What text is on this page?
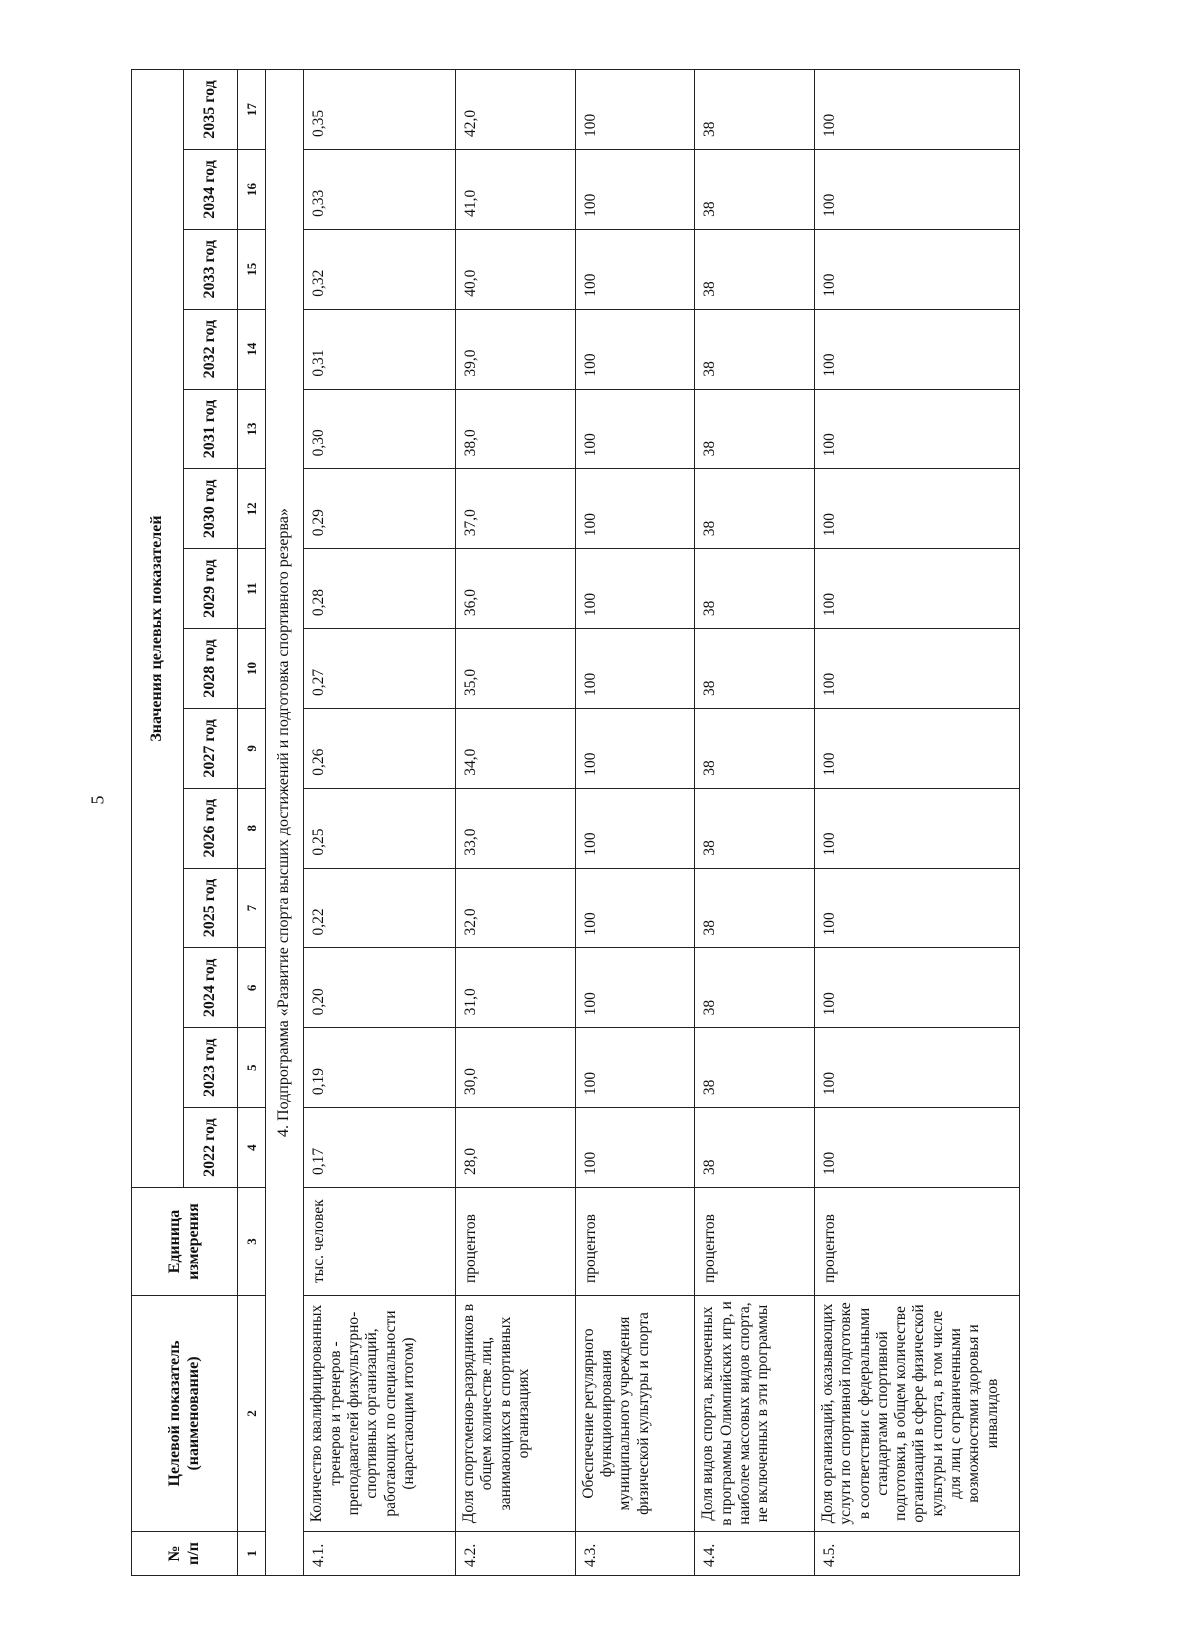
5
№ п/п	Целевой показатель (наименование)	Единица измерения	Значения целевых показателей													
			2022 год	2023 год	2024 год	2025 год	2026 год	2027 год	2028 год	2029 год	2030 год	2031 год	2032 год	2033 год	2034 год	2035 год
1	2	3	4	5	6	7	8	9	10	11	12	13	14	15	16	17
4. Подпрограмма «Развитие спорта высших достижений и подготовка спортивного резерва»																
4.1.	Количество квалифицированных тренеров и тренеров - преподавателей физкультурно-спортивных организаций, работающих по специальности (нарастающим итогом)	тыс. человек	0,17	0,19	0,20	0,22	0,25	0,26	0,27	0,28	0,29	0,30	0,31	0,32	0,33	0,35
4.2.	Доля спортсменов-разрядников в общем количестве лиц, занимающихся в спортивных организациях	процентов	28,0	30,0	31,0	32,0	33,0	34,0	35,0	36,0	37,0	38,0	39,0	40,0	41,0	42,0
4.3.	Обеспечение регулярного функционирования муниципального учреждения физической культуры и спорта	процентов	100	100	100	100	100	100	100	100	100	100	100	100	100	100
4.4.	Доля видов спорта, включенных в программы Олимпийских игр, и наиболее массовых видов спорта, не включенных в эти программы	процентов	38	38	38	38	38	38	38	38	38	38	38	38	38	38
4.5.	Доля организаций, оказывающих услуги по спортивной подготовке в соответствии с федеральными стандартами спортивной подготовки, в общем количестве организаций в сфере физической культуры и спорта, в том числе для лиц с ограниченными возможностями здоровья и инвалидов	процентов	100	100	100	100	100	100	100	100	100	100	100	100	100	100
